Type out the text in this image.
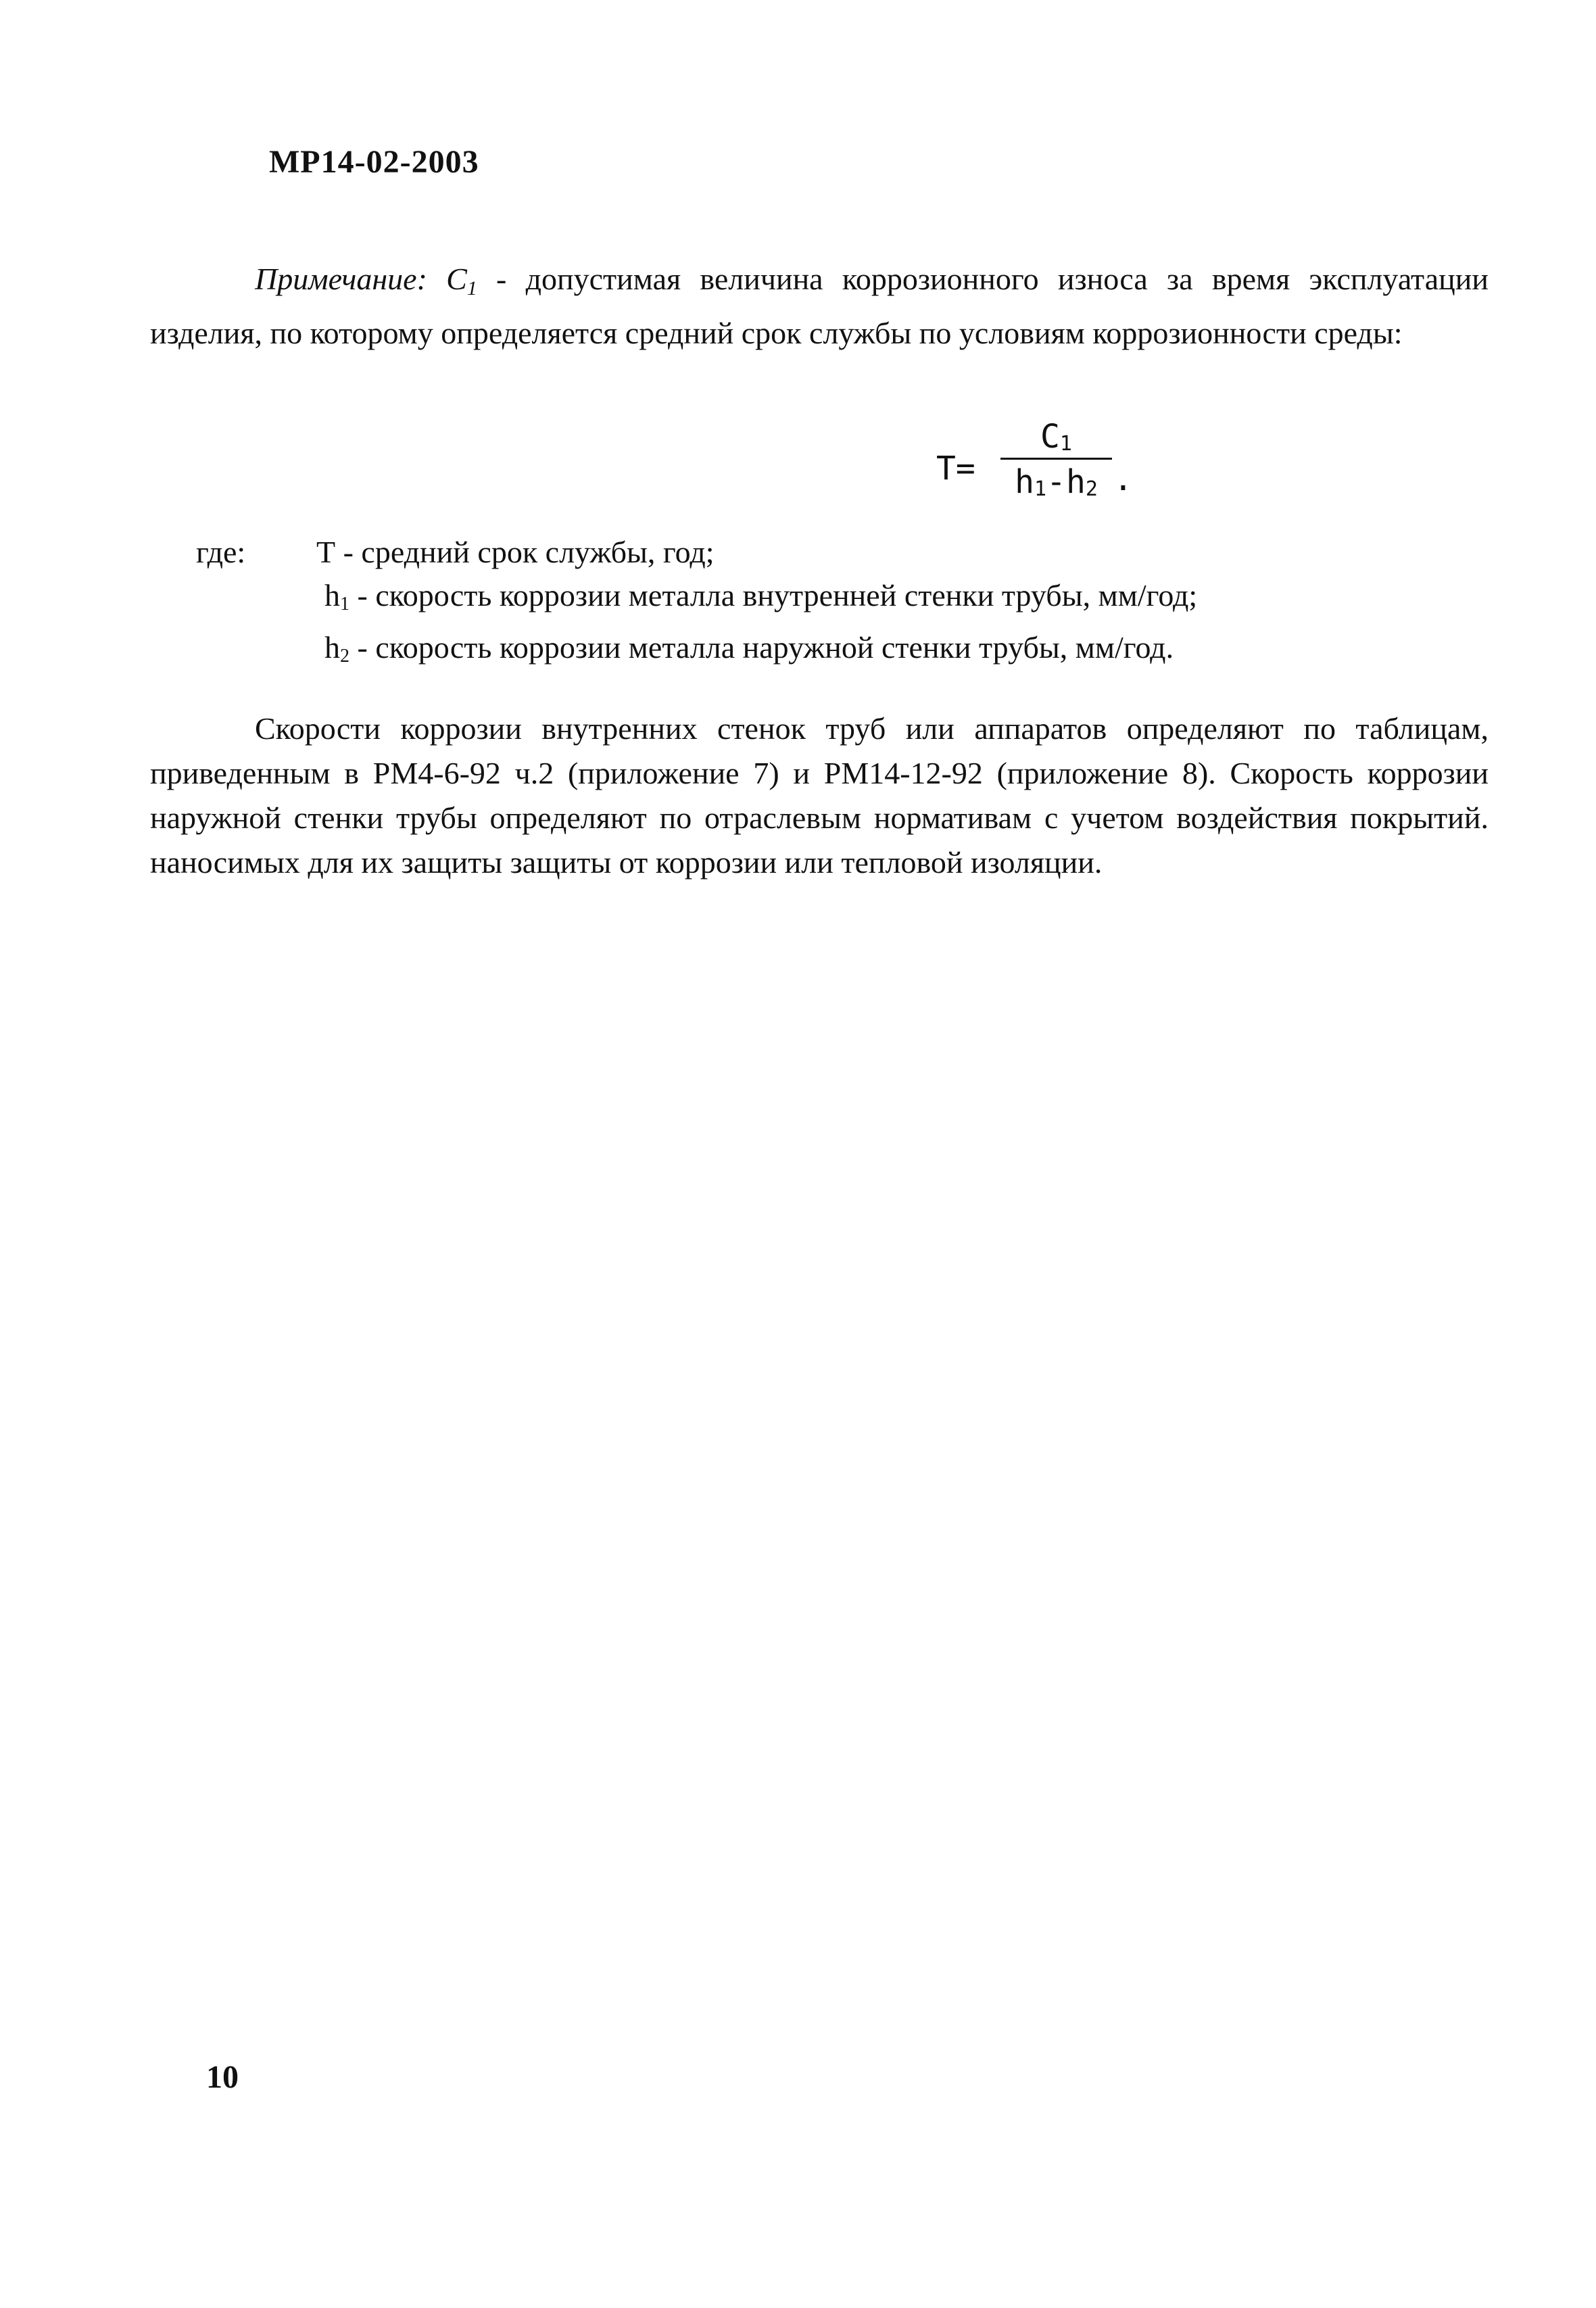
МР14-02-2003
Примечание: $C_1$ - допустимая величина коррозионного износа за время эксплуатации изделия, по которому определяется средний срок службы по условиям коррозионности среды:
T=
$C_1$
$h_1-h_2$ .
где: Т - средний срок службы, год;
$h_1$ - скорость коррозии металла внутренней стенки трубы, мм/год;
$h_2$ - скорость коррозии металла наружной стенки трубы, мм/год.
Скорости коррозии внутренних стенок труб или аппаратов определяют по таблицам, приведенным в РМ4-6-92 ч.2 (приложение 7) и РМ14-12-92 (приложение 8). Скорость коррозии наружной стенки трубы определяют по отраслевым нормативам с учетом воздействия покрытий. наносимых для их защиты защиты от коррозии или тепловой изоляции.
10
